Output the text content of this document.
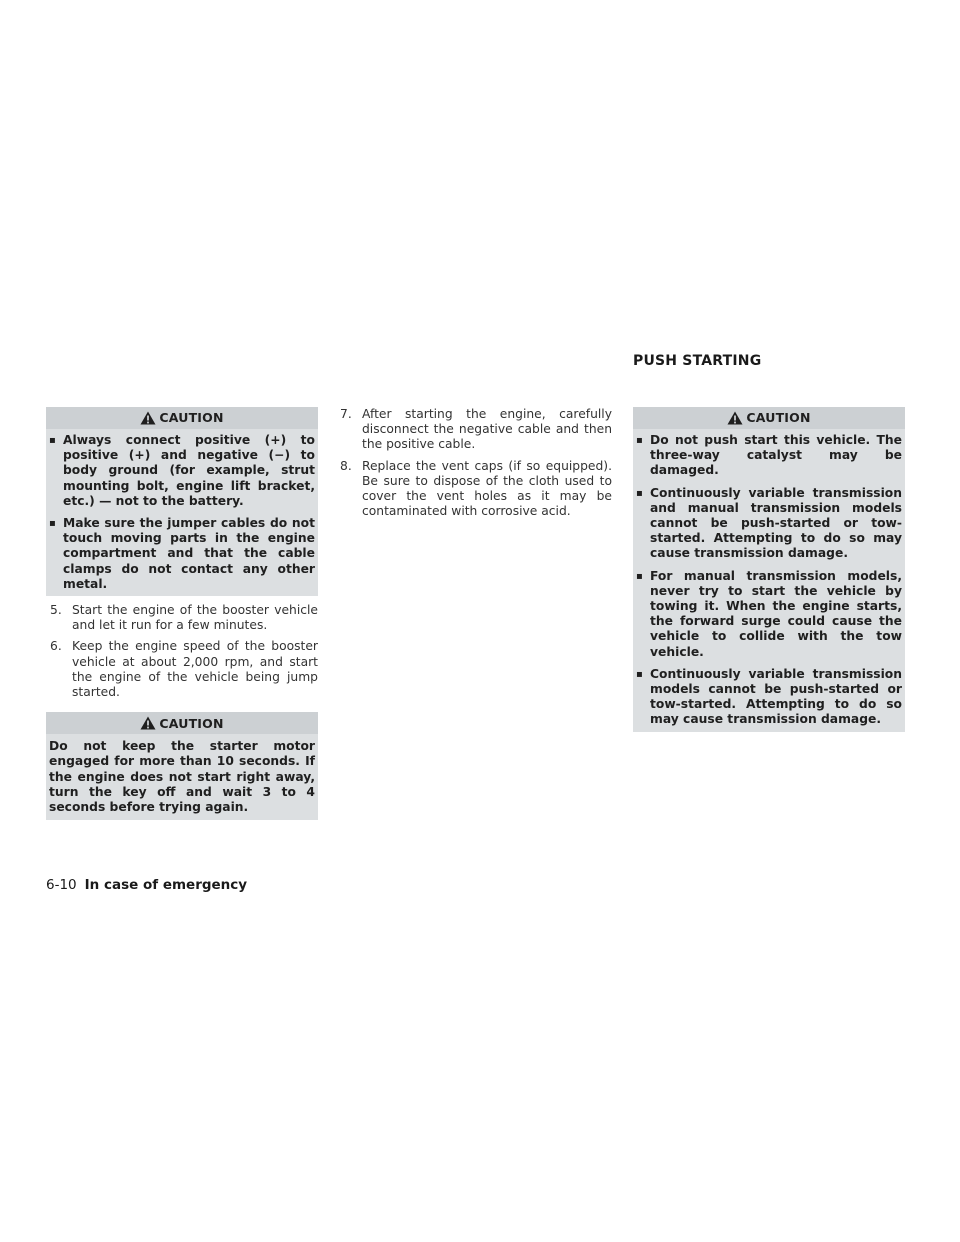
CAUTION
▪ Always connect positive (+) to positive (+) and negative (−) to body ground (for example, strut mounting bolt, engine lift bracket, etc.) — not to the battery.
▪ Make sure the jumper cables do not touch moving parts in the engine compartment and that the cable clamps do not contact any other metal.
5. Start the engine of the booster vehicle and let it run for a few minutes.
6. Keep the engine speed of the booster vehicle at about 2,000 rpm, and start the engine of the vehicle being jump started.
CAUTION
Do not keep the starter motor engaged for more than 10 seconds. If the engine does not start right away, turn the key off and wait 3 to 4 seconds before trying again.
7. After starting the engine, carefully disconnect the negative cable and then the positive cable.
8. Replace the vent caps (if so equipped). Be sure to dispose of the cloth used to cover the vent holes as it may be contaminated with corrosive acid.
PUSH STARTING
CAUTION
▪ Do not push start this vehicle. The three-way catalyst may be damaged.
▪ Continuously variable transmission and manual transmission models cannot be push-started or tow-started. Attempting to do so may cause transmission damage.
▪ For manual transmission models, never try to start the vehicle by towing it. When the engine starts, the forward surge could cause the vehicle to collide with the tow vehicle.
▪ Continuously variable transmission models cannot be push-started or tow-started. Attempting to do so may cause transmission damage.
6-10 In case of emergency
